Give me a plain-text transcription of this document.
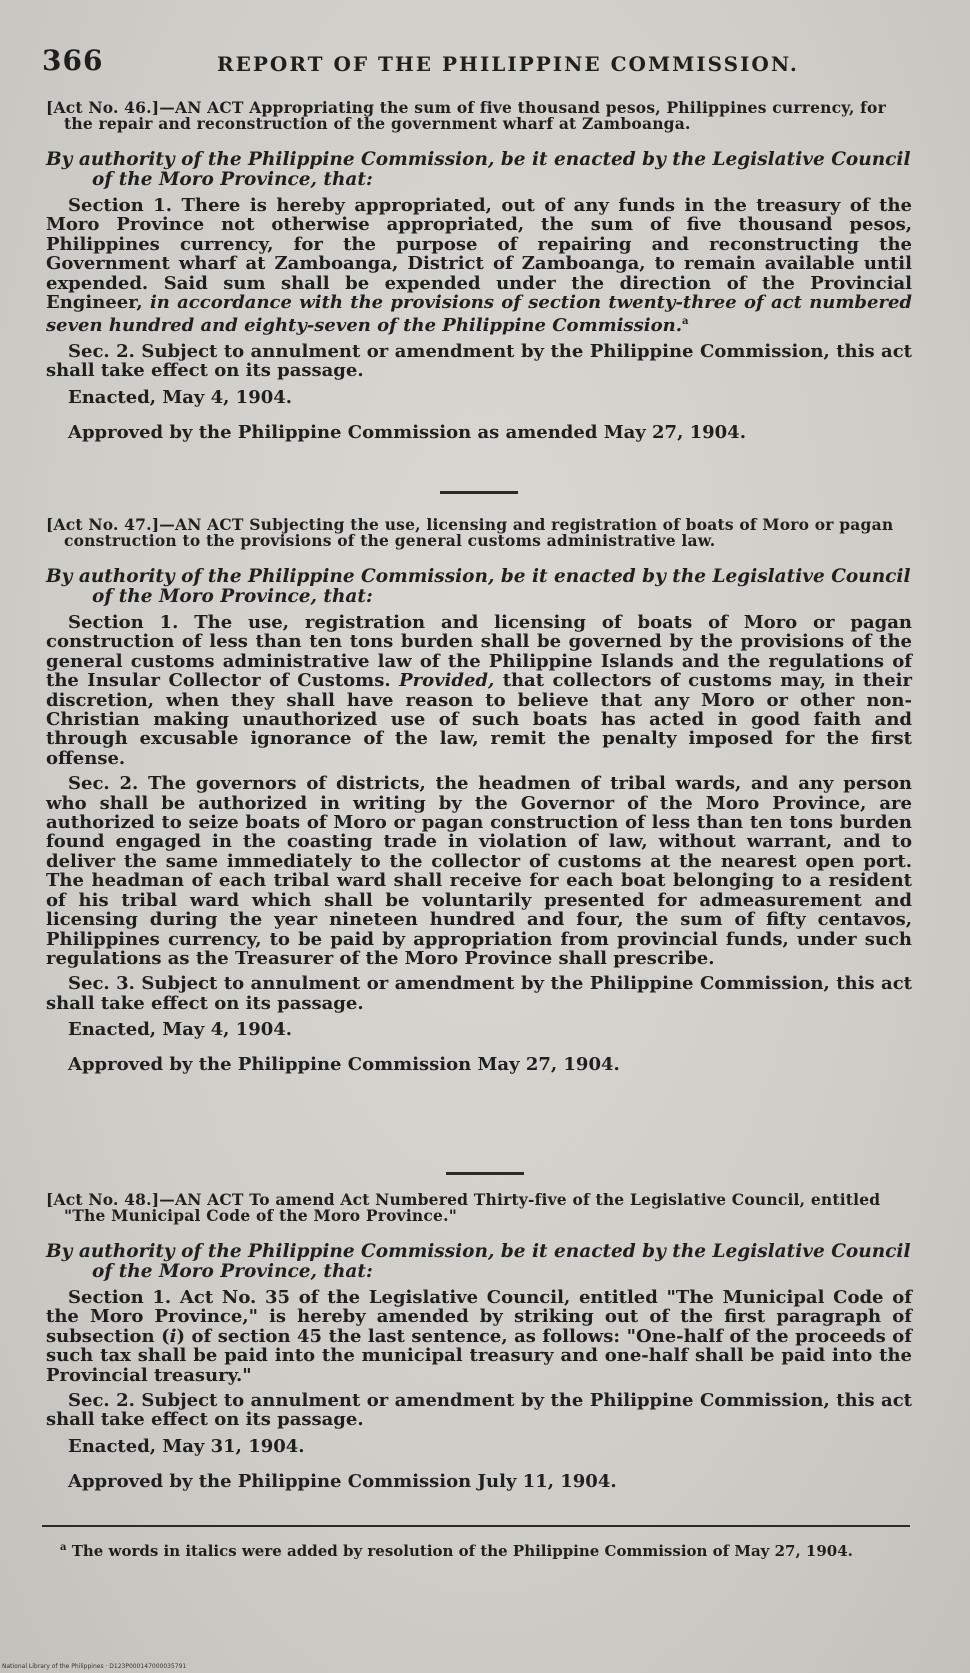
366	REPORT OF THE PHILIPPINE COMMISSION.
[Act No. 46.]—AN ACT Appropriating the sum of five thousand pesos, Philippines currency, for the repair and reconstruction of the government wharf at Zamboanga.
By authority of the Philippine Commission, be it enacted by the Legislative Council of the Moro Province, that:

Section 1. There is hereby appropriated, out of any funds in the treasury of the Moro Province not otherwise appropriated, the sum of five thousand pesos, Philippines currency, for the purpose of repairing and reconstructing the Government wharf at Zamboanga, District of Zamboanga, to remain available until expended. Said sum shall be expended under the direction of the Provincial Engineer, in accordance with the provisions of section twenty-three of act numbered seven hundred and eighty-seven of the Philippine Commission.$^a$

Sec. 2. Subject to annulment or amendment by the Philippine Commission, this act shall take effect on its passage.

Enacted, May 4, 1904.
Approved by the Philippine Commission as amended May 27, 1904.
[Act No. 47.]—AN ACT Subjecting the use, licensing and registration of boats of Moro or pagan construction to the provisions of the general customs administrative law.
By authority of the Philippine Commission, be it enacted by the Legislative Council of the Moro Province, that:

Section 1. The use, registration and licensing of boats of Moro or pagan construction of less than ten tons burden shall be governed by the provisions of the general customs administrative law of the Philippine Islands and the regulations of the Insular Collector of Customs. Provided, that collectors of customs may, in their discretion, when they shall have reason to believe that any Moro or other non-Christian making unauthorized use of such boats has acted in good faith and through excusable ignorance of the law, remit the penalty imposed for the first offense.

Sec. 2. The governors of districts, the headmen of tribal wards, and any person who shall be authorized in writing by the Governor of the Moro Province, are authorized to seize boats of Moro or pagan construction of less than ten tons burden found engaged in the coasting trade in violation of law, without warrant, and to deliver the same immediately to the collector of customs at the nearest open port. The headman of each tribal ward shall receive for each boat belonging to a resident of his tribal ward which shall be voluntarily presented for admeasurement and licensing during the year nineteen hundred and four, the sum of fifty centavos, Philippines currency, to be paid by appropriation from provincial funds, under such regulations as the Treasurer of the Moro Province shall prescribe.

Sec. 3. Subject to annulment or amendment by the Philippine Commission, this act shall take effect on its passage.

Enacted, May 4, 1904.
Approved by the Philippine Commission May 27, 1904.
[Act No. 48.]—AN ACT To amend Act Numbered Thirty-five of the Legislative Council, entitled "The Municipal Code of the Moro Province."
By authority of the Philippine Commission, be it enacted by the Legislative Council of the Moro Province, that:

Section 1. Act No. 35 of the Legislative Council, entitled "The Municipal Code of the Moro Province," is hereby amended by striking out of the first paragraph of subsection (i) of section 45 the last sentence, as follows: "One-half of the proceeds of such tax shall be paid into the municipal treasury and one-half shall be paid into the Provincial treasury."

Sec. 2. Subject to annulment or amendment by the Philippine Commission, this act shall take effect on its passage.

Enacted, May 31, 1904.
Approved by the Philippine Commission July 11, 1904.
$^a$ The words in italics were added by resolution of the Philippine Commission of May 27, 1904.
National Library of the Philippines · D123P000147000035791
